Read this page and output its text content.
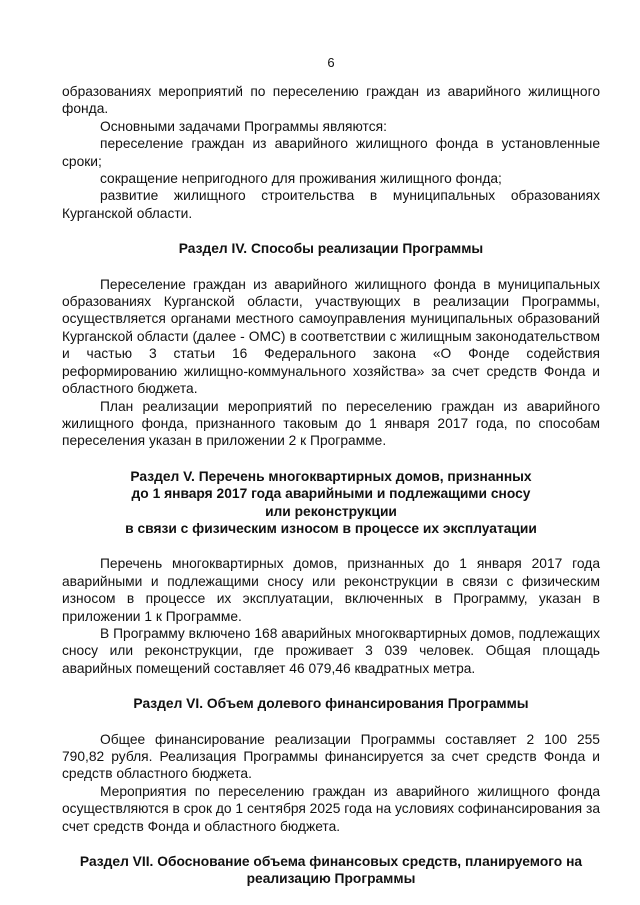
6

образованиях мероприятий по переселению граждан из аварийного жилищного фонда.

Основными задачами Программы являются:

переселение граждан из аварийного жилищного фонда в установленные сроки;

сокращение непригодного для проживания жилищного фонда;

развитие жилищного строительства в муниципальных образованиях Курганской области.

Раздел IV. Способы реализации Программы

Переселение граждан из аварийного жилищного фонда в муниципальных образованиях Курганской области, участвующих в реализации Программы, осуществляется органами местного самоуправления муниципальных образований Курганской области (далее - ОМС) в соответствии с жилищным законодательством и частью 3 статьи 16 Федерального закона «О Фонде содействия реформированию жилищно-коммунального хозяйства» за счет средств Фонда и областного бюджета.

План реализации мероприятий по переселению граждан из аварийного жилищного фонда, признанного таковым до 1 января 2017 года, по способам переселения указан в приложении 2 к Программе.

Раздел V. Перечень многоквартирных домов, признанных
до 1 января 2017 года аварийными и подлежащими сносу
или реконструкции
в связи с физическим износом в процессе их эксплуатации

Перечень многоквартирных домов, признанных до 1 января 2017 года аварийными и подлежащими сносу или реконструкции в связи с физическим износом в процессе их эксплуатации, включенных в Программу, указан в приложении 1 к Программе.

В Программу включено 168 аварийных многоквартирных домов, подлежащих сносу или реконструкции, где проживает 3 039 человек. Общая площадь аварийных помещений составляет 46 079,46 квадратных метра.

Раздел VI. Объем долевого финансирования Программы

Общее финансирование реализации Программы составляет 2 100 255 790,82 рубля. Реализация Программы финансируется за счет средств Фонда и средств областного бюджета.

Мероприятия по переселению граждан из аварийного жилищного фонда осуществляются в срок до 1 сентября 2025 года на условиях софинансирования за счет средств Фонда и областного бюджета.

Раздел VII. Обоснование объема финансовых средств, планируемого на
реализацию Программы
